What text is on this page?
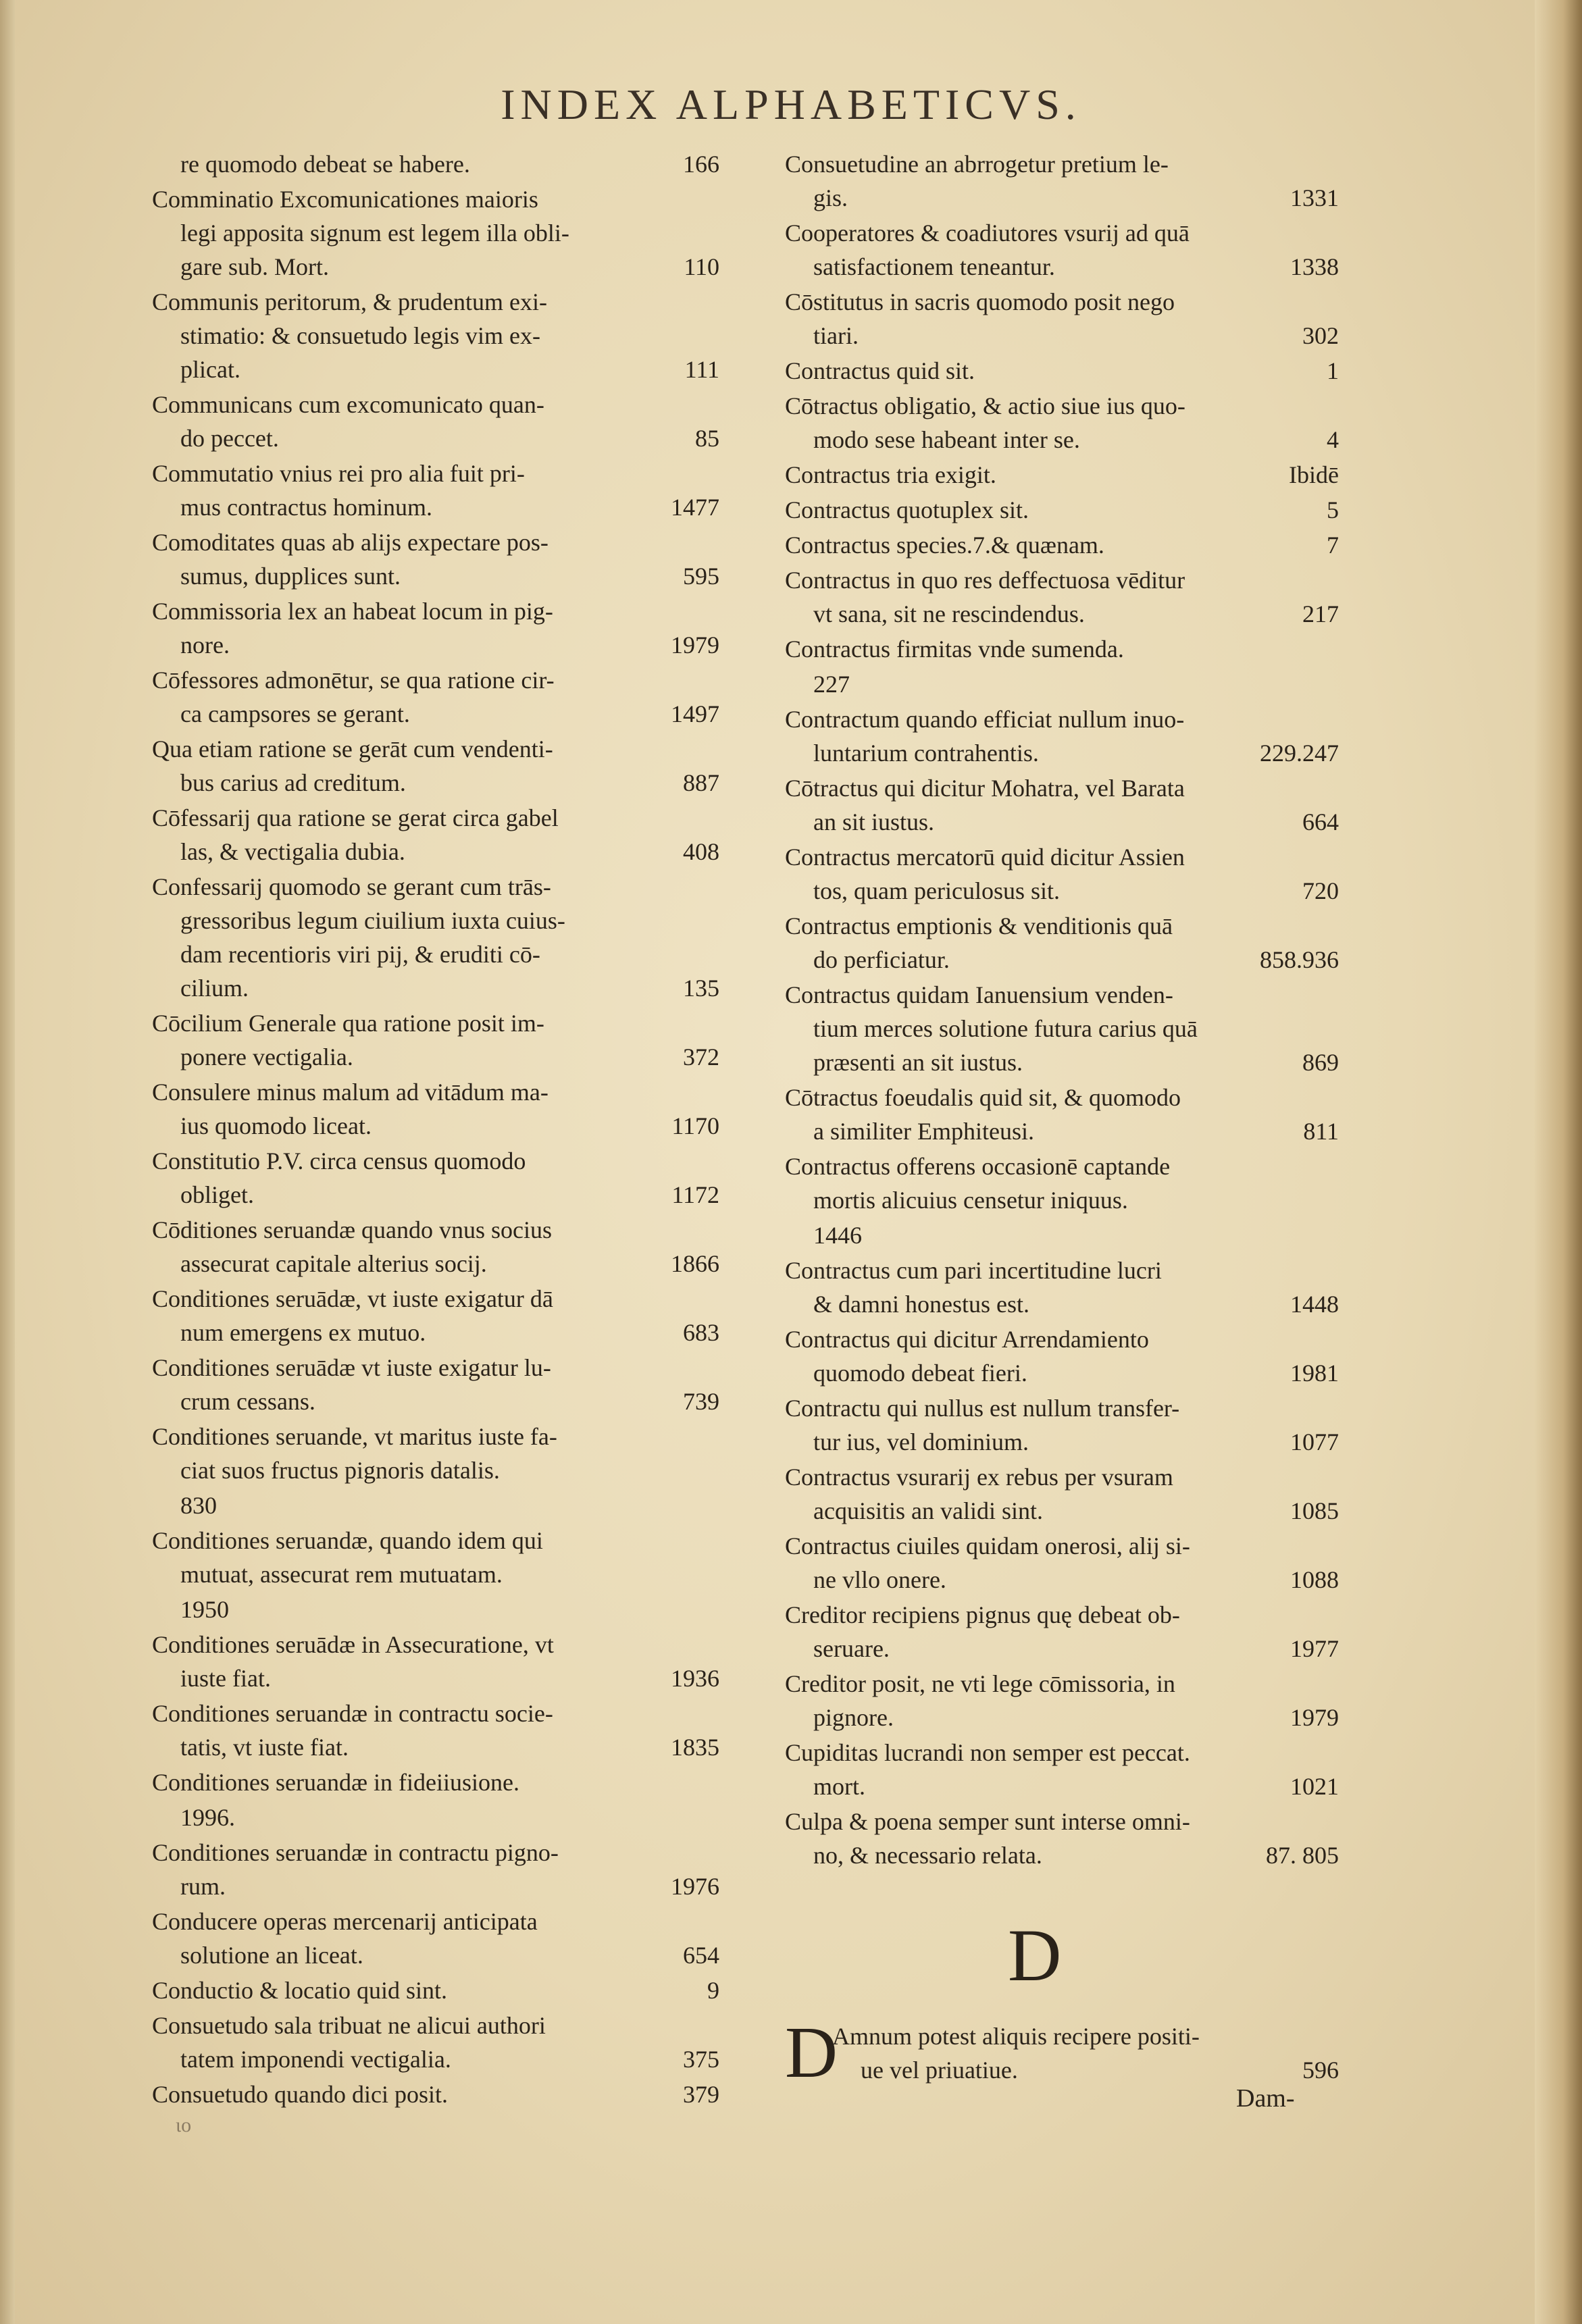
INDEX ALPHABETICVS.
re quomodo debeat se habere.	166
Comminatio Excomunicationes maioris
legi apposita signum est legem illa obli-
gare sub. Mort.	110
Communis peritorum, & prudentum exi-
stimatio: & consuetudo legis vim ex-
plicat.	111
Communicans cum excomunicato quan-
do peccet.	85
Commutatio vnius rei pro alia fuit pri-
mus contractus hominum.	1477
Comoditates quas ab alijs expectare pos-
sumus, dupplices sunt.	595
Commissoria lex an habeat locum in pig-
nore.	1979
Cōfessores admonētur, se qua ratione cir-
ca campsores se gerant.	1497
Qua etiam ratione se gerāt cum vendenti-
bus carius ad creditum.	887
Cōfessarij qua ratione se gerat circa gabel
las, & vectigalia dubia.	408
Confessarij quomodo se gerant cum trās-
gressoribus legum ciuilium iuxta cuius-
dam recentioris viri pij, & eruditi cō-
cilium.	135
Cōcilium Generale qua ratione posit im-
ponere vectigalia.	372
Consulere minus malum ad vitādum ma-
ius quomodo liceat.	1170
Constitutio P.V. circa census quomodo
obliget.	1172
Cōditiones seruandæ quando vnus socius
assecurat capitale alterius socij.	1866
Conditiones seruādæ, vt iuste exigatur dā
num emergens ex mutuo.	683
Conditiones seruādæ vt iuste exigatur lu-
crum cessans.	739
Conditiones seruande, vt maritus iuste fa-
ciat suos fructus pignoris datalis.
830
Conditiones seruandæ, quando idem qui
mutuat, assecurat rem mutuatam.
1950
Conditiones seruādæ in Assecuratione, vt
iuste fiat.	1936
Conditiones seruandæ in contractu socie-
tatis, vt iuste fiat.	1835
Conditiones seruandæ in fideiiusione.
1996.
Conditiones seruandæ in contractu pigno-
rum.	1976
Conducere operas mercenarij anticipata
solutione an liceat.	654
Conductio & locatio quid sint.	9
Consuetudo sala tribuat ne alicui authori
tatem imponendi vectigalia.	375
Consuetudo quando dici posit.	379
Consuetudine an abrrogetur pretium le-
gis.	1331
Cooperatores & coadiutores vsurij ad quā
satisfactionem teneantur.	1338
Cōstitutus in sacris quomodo posit nego
tiari.	302
Contractus quid sit.	1
Cōtractus obligatio, & actio siue ius quo-
modo sese habeant inter se.	4
Contractus tria exigit.	Ibidē
Contractus quotuplex sit.	5
Contractus species.7.& quænam.	7
Contractus in quo res deffectuosa vēditur
vt sana, sit ne rescindendus.	217
Contractus firmitas vnde sumenda.
227
Contractum quando efficiat nullum inuo-
luntarium contrahentis.	229.247
Cōtractus qui dicitur Mohatra, vel Barata
an sit iustus.	664
Contractus mercatorū quid dicitur Assien
tos, quam periculosus sit.	720
Contractus emptionis & venditionis quā
do perficiatur.	858.936
Contractus quidam Ianuensium venden-
tium merces solutione futura carius quā
præsenti an sit iustus.	869
Cōtractus foeudalis quid sit, & quomodo
a similiter Emphiteusi.	811
Contractus offerens occasionē captande
mortis alicuius censetur iniquus.
1446
Contractus cum pari incertitudine lucri
& damni honestus est.	1448
Contractus qui dicitur Arrendamiento
quomodo debeat fieri.	1981
Contractu qui nullus est nullum transfer-
tur ius, vel dominium.	1077
Contractus vsurarij ex rebus per vsuram
acquisitis an validi sint.	1085
Contractus ciuiles quidam onerosi, alij si-
ne vllo onere.	1088
Creditor recipiens pignus quę debeat ob-
seruare.	1977
Creditor posit, ne vti lege cōmissoria, in
pignore.	1979
Cupiditas lucrandi non semper est peccat.
mort.	1021
Culpa & poena semper sunt interse omni-
no, & necessario relata.	87. 805
D
D
Amnum potest aliquis recipere positi-
ue vel priuatiue.	596
Dam-
ιο
